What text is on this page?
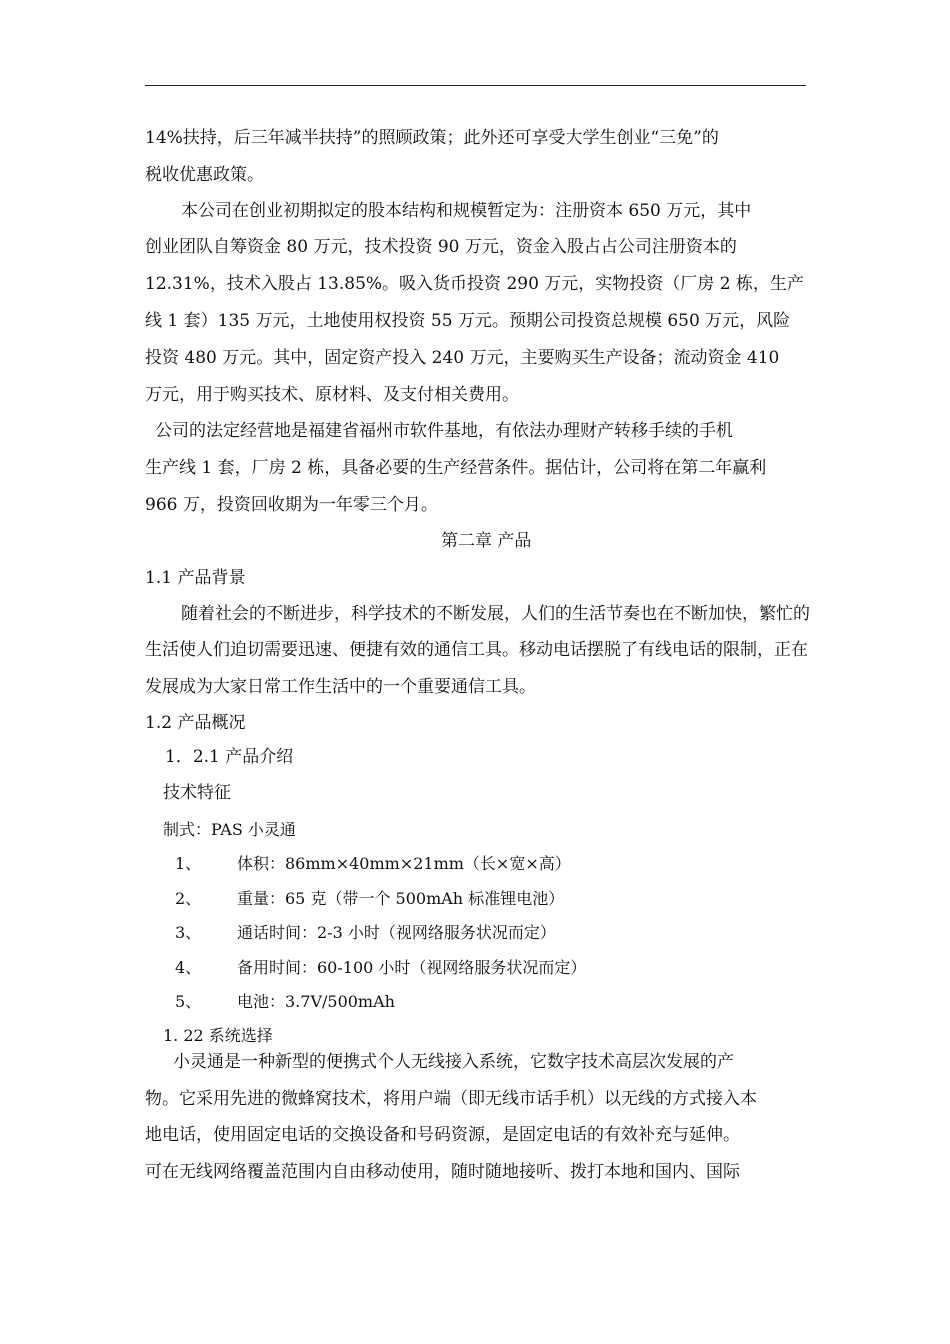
14%扶持，后三年减半扶持”的照顾政策；此外还可享受大学生创业“三免”的
税收优惠政策。
本公司在创业初期拟定的股本结构和规模暂定为：注册资本 650 万元，其中
创业团队自筹资金 80 万元，技术投资 90 万元，资金入股占占公司注册资本的
12.31%，技术入股占 13.85%。吸入货币投资 290 万元，实物投资（厂房 2 栋，生产
线 1 套）135 万元，土地使用权投资 55 万元。预期公司投资总规模 650 万元，风险
投资 480 万元。其中，固定资产投入 240 万元，主要购买生产设备；流动资金 410
万元，用于购买技术、原材料、及支付相关费用。
公司的法定经营地是福建省福州市软件基地，有依法办理财产转移手续的手机
生产线 1 套，厂房 2 栋，具备必要的生产经营条件。据估计，公司将在第二年赢利
966 万，投资回收期为一年零三个月。
第二章 产品
1.1 产品背景
随着社会的不断进步，科学技术的不断发展，人们的生活节奏也在不断加快，繁忙的
生活使人们迫切需要迅速、便捷有效的通信工具。移动电话摆脱了有线电话的限制，正在
发展成为大家日常工作生活中的一个重要通信工具。
1.2 产品概况
1．2.1 产品介绍
技术特征
制式：PAS 小灵通
1、 体积：86mm×40mm×21mm（长×宽×高）
2、 重量：65 克（带一个 500mAh 标准锂电池）
3、 通话时间：2-3 小时（视网络服务状况而定）
4、 备用时间：60-100 小时（视网络服务状况而定）
5、 电池：3.7V/500mAh
1. 22 系统选择
小灵通是一种新型的便携式个人无线接入系统，它数字技术高层次发展的产
物。它采用先进的微蜂窝技术，将用户端（即无线市话手机）以无线的方式接入本
地电话，使用固定电话的交换设备和号码资源，是固定电话的有效补充与延伸。
可在无线网络覆盖范围内自由移动使用，随时随地接听、拨打本地和国内、国际
